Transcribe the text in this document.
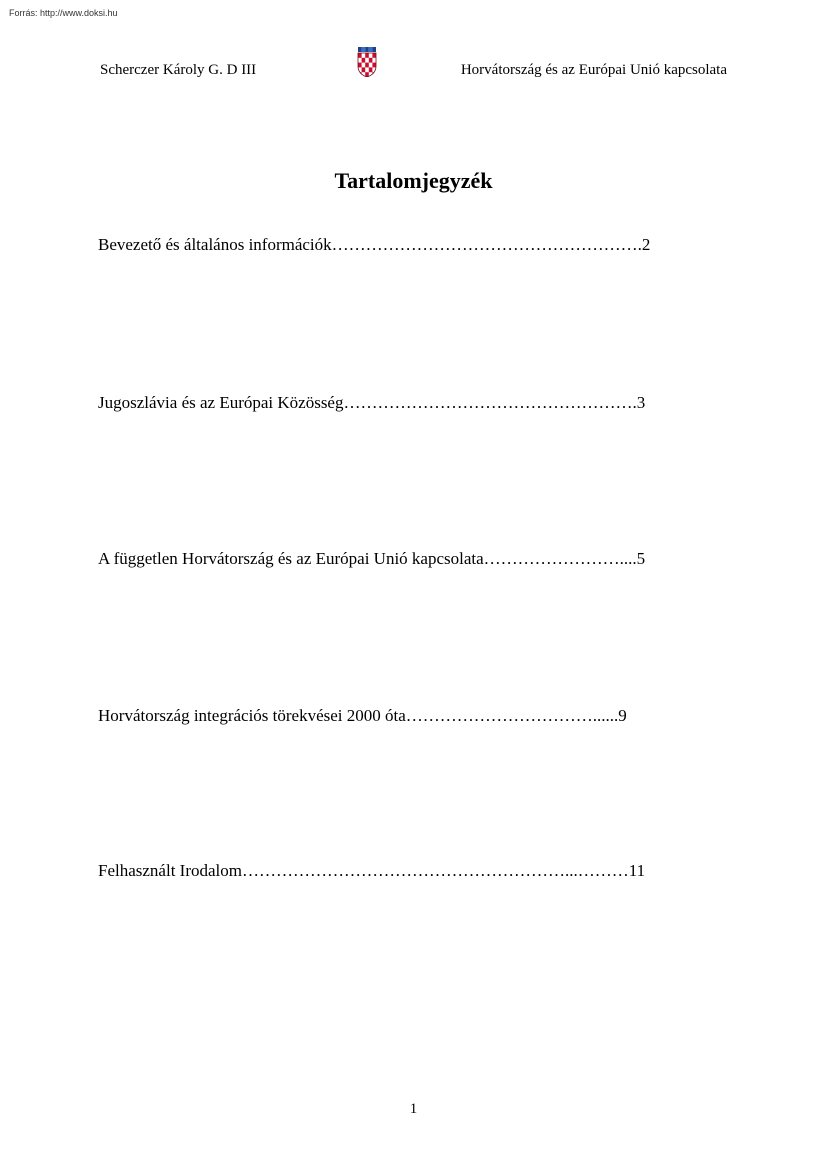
Forrás: http://www.doksi.hu
Scherczer Károly G. D III	Horvátország és az Európai Unió kapcsolata
Tartalomjegyzék
Bevezető és általános információk……………………………………………….2
Jugoszlávia és az Európai Közösség…………………………………………….3
A független Horvátország és az Európai Unió kapcsolata……………………....5
Horvátország integrációs törekvései 2000 óta……………………………......9
Felhasznált Irodalom…………………………………………………...………11
1
